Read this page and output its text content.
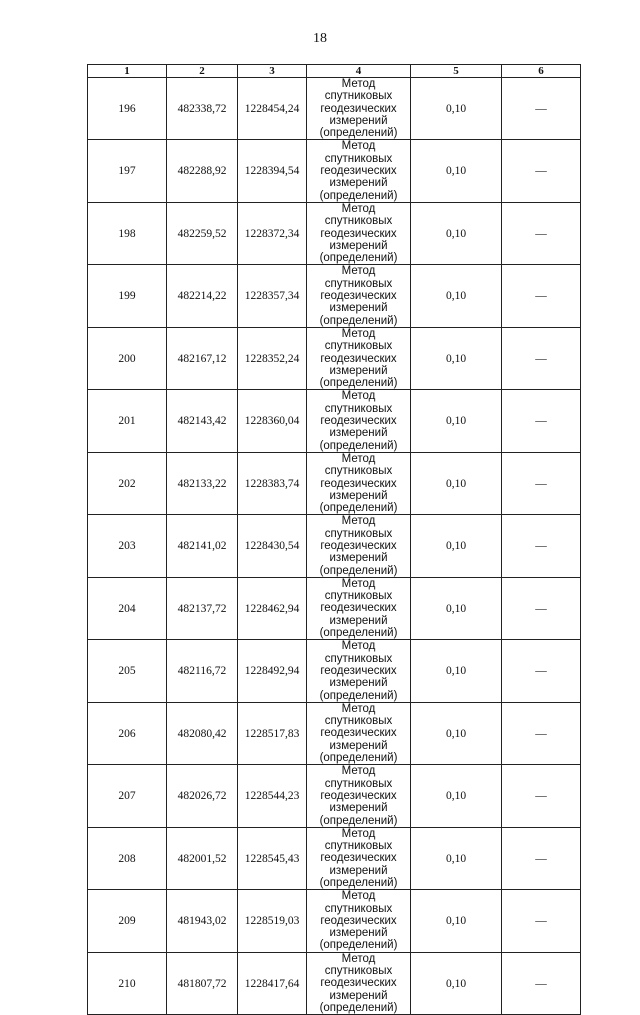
18
1	2	3	4	5	6
196	482338,72	1228454,24	Метод спутниковых
геодезических
измерений
(определений)	0,10	—
197	482288,92	1228394,54	Метод спутниковых
геодезических
измерений
(определений)	0,10	—
198	482259,52	1228372,34	Метод спутниковых
геодезических
измерений
(определений)	0,10	—
199	482214,22	1228357,34	Метод спутниковых
геодезических
измерений
(определений)	0,10	—
200	482167,12	1228352,24	Метод спутниковых
геодезических
измерений
(определений)	0,10	—
201	482143,42	1228360,04	Метод спутниковых
геодезических
измерений
(определений)	0,10	—
202	482133,22	1228383,74	Метод спутниковых
геодезических
измерений
(определений)	0,10	—
203	482141,02	1228430,54	Метод спутниковых
геодезических
измерений
(определений)	0,10	—
204	482137,72	1228462,94	Метод спутниковых
геодезических
измерений
(определений)	0,10	—
205	482116,72	1228492,94	Метод спутниковых
геодезических
измерений
(определений)	0,10	—
206	482080,42	1228517,83	Метод спутниковых
геодезических
измерений
(определений)	0,10	—
207	482026,72	1228544,23	Метод спутниковых
геодезических
измерений
(определений)	0,10	—
208	482001,52	1228545,43	Метод спутниковых
геодезических
измерений
(определений)	0,10	—
209	481943,02	1228519,03	Метод спутниковых
геодезических
измерений
(определений)	0,10	—
210	481807,72	1228417,64	Метод спутниковых
геодезических
измерений
(определений)	0,10	—
